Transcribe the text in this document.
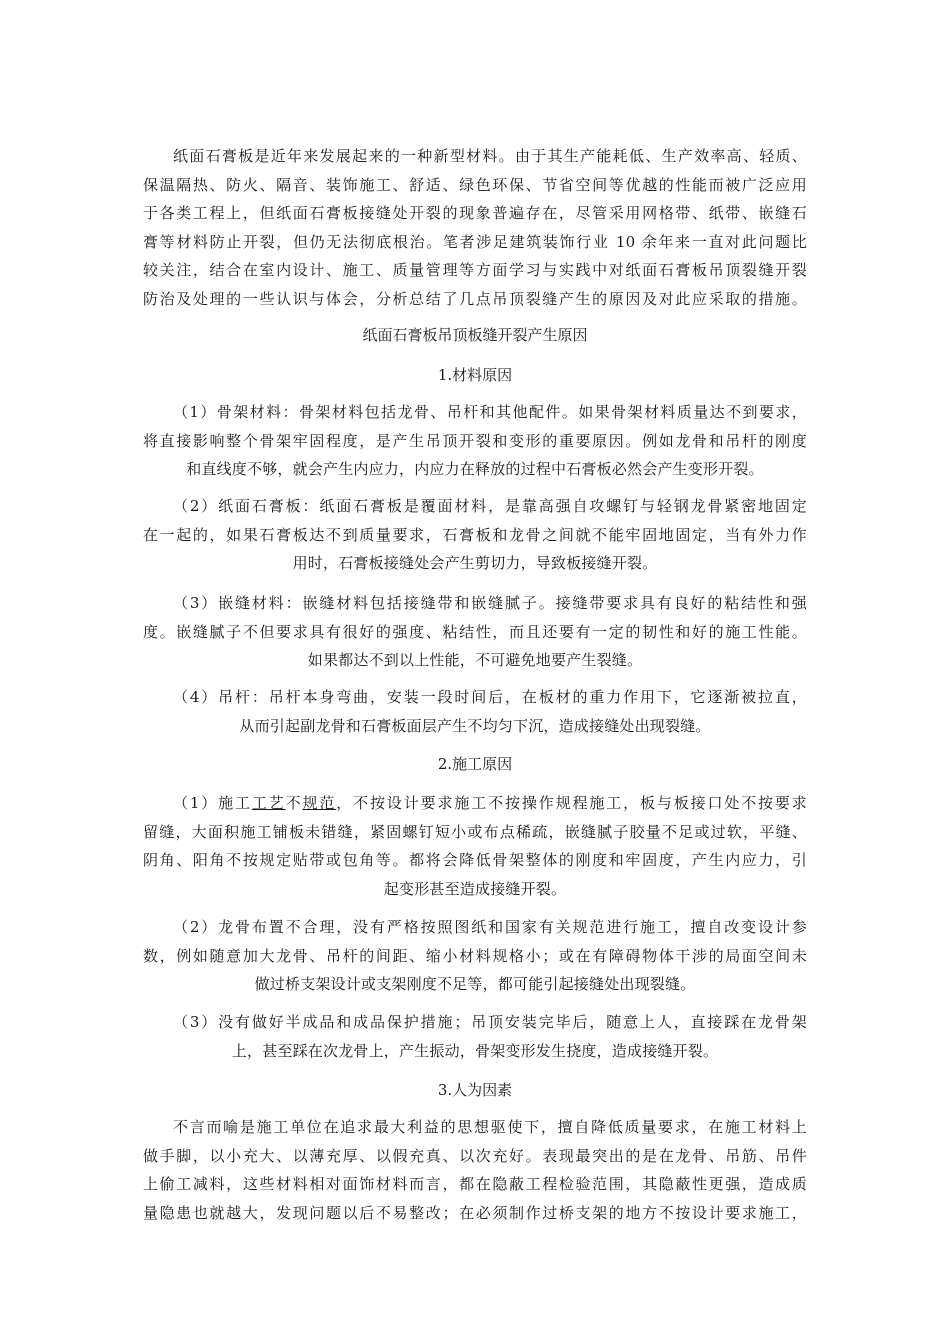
纸面石膏板是近年来发展起来的一种新型材料。由于其生产能耗低、生产效率高、轻质、
保温隔热、防火、隔音、装饰施工、舒适、绿色环保、节省空间等优越的性能而被广泛应用
于各类工程上，但纸面石膏板接缝处开裂的现象普遍存在，尽管采用网格带、纸带、嵌缝石
膏等材料防止开裂，但仍无法彻底根治。笔者涉足建筑装饰行业 10 余年来一直对此问题比
较关注，结合在室内设计、施工、质量管理等方面学习与实践中对纸面石膏板吊顶裂缝开裂
防治及处理的一些认识与体会，分析总结了几点吊顶裂缝产生的原因及对此应采取的措施。
纸面石膏板吊顶板缝开裂产生原因
1.材料原因
（1）骨架材料：骨架材料包括龙骨、吊杆和其他配件。如果骨架材料质量达不到要求，
将直接影响整个骨架牢固程度，是产生吊顶开裂和变形的重要原因。例如龙骨和吊杆的刚度
和直线度不够，就会产生内应力，内应力在释放的过程中石膏板必然会产生变形开裂。
（2）纸面石膏板：纸面石膏板是覆面材料，是靠高强自攻螺钉与轻钢龙骨紧密地固定
在一起的，如果石膏板达不到质量要求，石膏板和龙骨之间就不能牢固地固定，当有外力作
用时，石膏板接缝处会产生剪切力，导致板接缝开裂。
（3）嵌缝材料：嵌缝材料包括接缝带和嵌缝腻子。接缝带要求具有良好的粘结性和强
度。嵌缝腻子不但要求具有很好的强度、粘结性，而且还要有一定的韧性和好的施工性能。
如果都达不到以上性能，不可避免地要产生裂缝。
（4）吊杆：吊杆本身弯曲，安装一段时间后，在板材的重力作用下，它逐渐被拉直，
从而引起副龙骨和石膏板面层产生不均匀下沉，造成接缝处出现裂缝。
2.施工原因
（1）施工工艺不规范，不按设计要求施工不按操作规程施工，板与板接口处不按要求
留缝，大面积施工铺板未错缝，紧固螺钉短小或布点稀疏，嵌缝腻子胶量不足或过软，平缝、
阴角、阳角不按规定贴带或包角等。都将会降低骨架整体的刚度和牢固度，产生内应力，引
起变形甚至造成接缝开裂。
（2）龙骨布置不合理，没有严格按照图纸和国家有关规范进行施工，擅自改变设计参
数，例如随意加大龙骨、吊杆的间距、缩小材料规格小；或在有障碍物体干涉的局面空间未
做过桥支架设计或支架刚度不足等，都可能引起接缝处出现裂缝。
（3）没有做好半成品和成品保护措施；吊顶安装完毕后，随意上人，直接踩在龙骨架
上，甚至踩在次龙骨上，产生振动，骨架变形发生挠度，造成接缝开裂。
3.人为因素
不言而喻是施工单位在追求最大利益的思想驱使下，擅自降低质量要求，在施工材料上
做手脚，以小充大、以薄充厚、以假充真、以次充好。表现最突出的是在龙骨、吊筋、吊件
上偷工减料，这些材料相对面饰材料而言，都在隐蔽工程检验范围，其隐蔽性更强，造成质
量隐患也就越大，发现问题以后不易整改；在必须制作过桥支架的地方不按设计要求施工，
